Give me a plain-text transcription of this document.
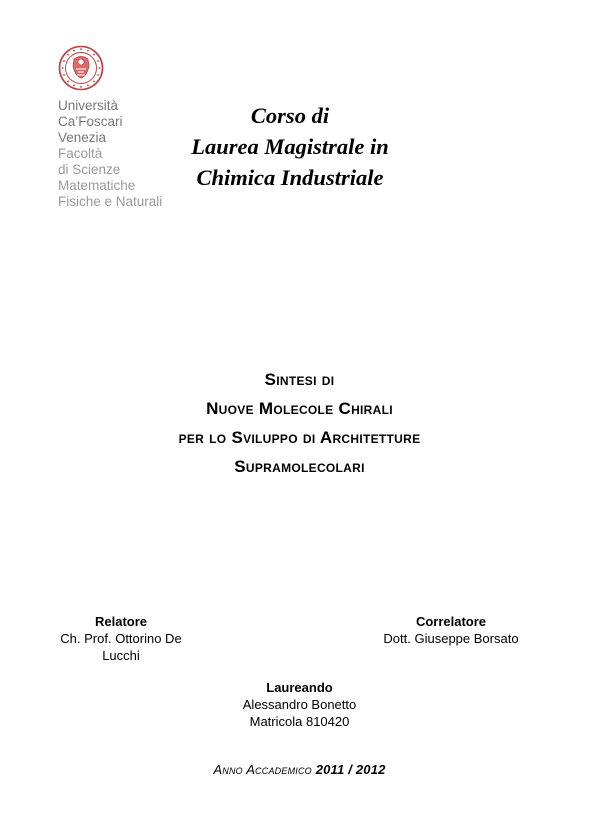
Università
Ca’Foscari
Venezia
Facoltà
di Scienze
Matematiche
Fisiche e Naturali
Corso di
Laurea Magistrale in
Chimica Industriale
Sintesi di
Nuove Molecole Chirali
per lo Sviluppo di Architetture
Supramolecolari
Relatore
Ch. Prof. Ottorino De Lucchi
Correlatore
Dott. Giuseppe Borsato
Laureando
Alessandro Bonetto
Matricola 810420
Anno Accademico 2011 / 2012
